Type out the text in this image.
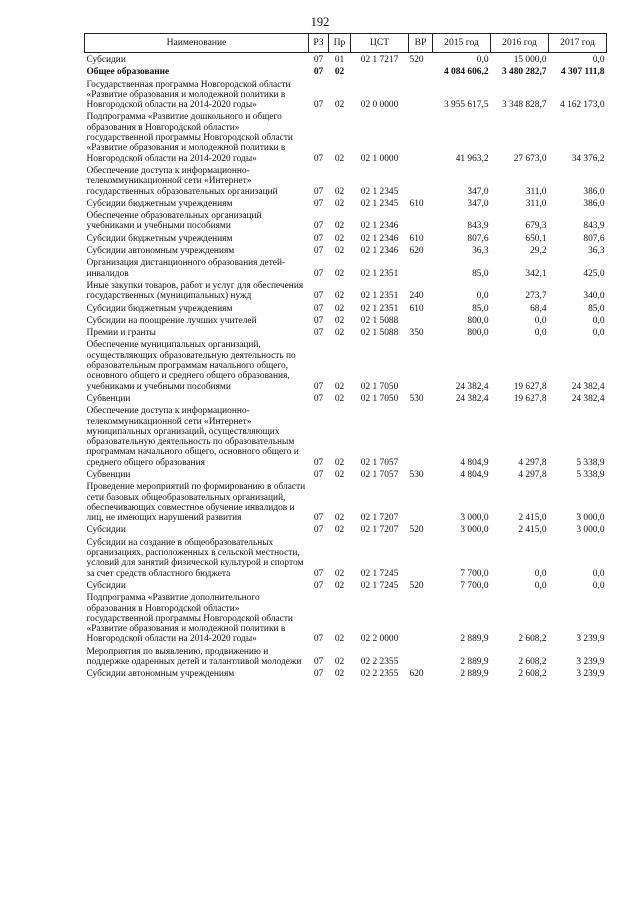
192
Наименование	РЗ	Пр	ЦСТ	ВР	2015 год	2016 год	2017 год
Субсидии	07	01	02 1 7217	520	0,0	15 000,0	0,0
Общее образование	07	02			4 084 606,2	3 480 282,7	4 307 111,8
Государственная программа Новгородской области «Развитие образования и молодежной политики в Новгородской области на 2014-2020 годы»	07	02	02 0 0000		3 955 617,5	3 348 828,7	4 162 173,0
Подпрограмма «Развитие дошкольного и общего образования в Новгородской области» государственной программы Новгородской области «Развитие образования и молодежной политики в Новгородской области на 2014-2020 годы»	07	02	02 1 0000		41 963,2	27 673,0	34 376,2
Обеспечение доступа к информационно-телекоммуникационной сети «Интернет» государственных образовательных организаций	07	02	02 1 2345		347,0	311,0	386,0
Субсидии бюджетным учреждениям	07	02	02 1 2345	610	347,0	311,0	386,0
Обеспечение образовательных организаций учебниками и учебными пособиями	07	02	02 1 2346		843,9	679,3	843,9
Субсидии бюджетным учреждениям	07	02	02 1 2346	610	807,6	650,1	807,6
Субсидии автономным учреждениям	07	02	02 1 2346	620	36,3	29,2	36,3
Организация дистанционного образования детей-инвалидов	07	02	02 1 2351		85,0	342,1	425,0
Иные закупки товаров, работ и услуг для обеспечения государственных (муниципальных) нужд	07	02	02 1 2351	240	0,0	273,7	340,0
Субсидии бюджетным учреждениям	07	02	02 1 2351	610	85,0	68,4	85,0
Субсидии на поощрение лучших учителей	07	02	02 1 5088		800,0	0,0	0,0
Премии и гранты	07	02	02 1 5088	350	800,0	0,0	0,0
Обеспечение муниципальных организаций, осуществляющих образовательную деятельность по образовательным программам начального общего, основного общего и среднего общего образования, учебниками и учебными пособиями	07	02	02 1 7050		24 382,4	19 627,8	24 382,4
Субвенции	07	02	02 1 7050	530	24 382,4	19 627,8	24 382,4
Обеспечение доступа к информационно-телекоммуникационной сети «Интернет» муниципальных организаций, осуществляющих образовательную деятельность по образовательным программам начального общего, основного общего и среднего общего образования	07	02	02 1 7057		4 804,9	4 297,8	5 338,9
Субвенции	07	02	02 1 7057	530	4 804,9	4 297,8	5 338,9
Проведение мероприятий по формированию в области сети базовых общеобразовательных организаций, обеспечивающих совместное обучение инвалидов и лиц, не имеющих нарушений развития	07	02	02 1 7207		3 000,0	2 415,0	3 000,0
Субсидии	07	02	02 1 7207	520	3 000,0	2 415,0	3 000,0
Субсидии на создание в общеобразовательных организациях, расположенных в сельской местности, условий для занятий физической культурой и спортом за счет средств областного бюджета	07	02	02 1 7245		7 700,0	0,0	0,0
Субсидии	07	02	02 1 7245	520	7 700,0	0,0	0,0
Подпрограмма «Развитие дополнительного образования в Новгородской области» государственной программы Новгородской области «Развитие образования и молодежной политики в Новгородской области на 2014-2020 годы»	07	02	02 2 0000		2 889,9	2 608,2	3 239,9
Мероприятия по выявлению, продвижению и поддержке одаренных детей и талантливой молодежи	07	02	02 2 2355		2 889,9	2 608,2	3 239,9
Субсидии автономным учреждениям	07	02	02 2 2355	620	2 889,9	2 608,2	3 239,9
